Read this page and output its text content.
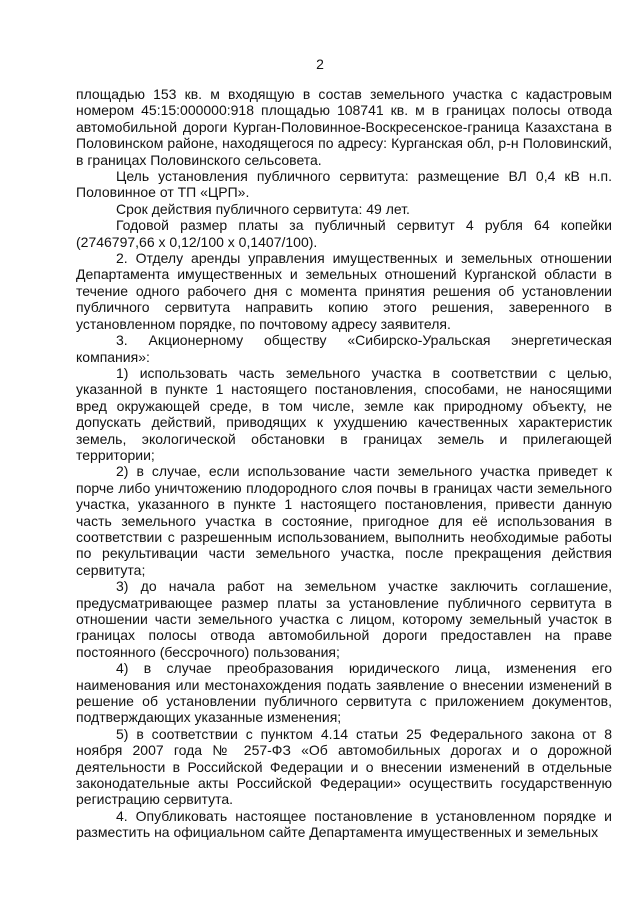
2

площадью 153 кв. м входящую в состав земельного участка с кадастровым номером 45:15:000000:918 площадью 108741 кв. м в границах полосы отвода автомобильной дороги Курган-Половинное-Воскресенское-граница Казахстана в Половинском районе, находящегося по адресу: Курганская обл, р-н Половинский, в границах Половинского сельсовета.

Цель установления публичного сервитута: размещение ВЛ 0,4 кВ н.п. Половинное от ТП «ЦРП».

Срок действия публичного сервитута: 49 лет.

Годовой размер платы за публичный сервитут 4 рубля 64 копейки (2746797,66 х 0,12/100 х 0,1407/100).

2. Отделу аренды управления имущественных и земельных отношении Департамента имущественных и земельных отношений Курганской области в течение одного рабочего дня с момента принятия решения об установлении публичного сервитута направить копию этого решения, заверенного в установленном порядке, по почтовому адресу заявителя.

3. Акционерному обществу «Сибирско-Уральская энергетическая компания»:

1) использовать часть земельного участка в соответствии с целью, указанной в пункте 1 настоящего постановления, способами, не наносящими вред окружающей среде, в том числе, земле как природному объекту, не допускать действий, приводящих к ухудшению качественных характеристик земель, экологической обстановки в границах земель и прилегающей территории;

2) в случае, если использование части земельного участка приведет к порче либо уничтожению плодородного слоя почвы в границах части земельного участка, указанного в пункте 1 настоящего постановления, привести данную часть земельного участка в состояние, пригодное для её использования в соответствии с разрешенным использованием, выполнить необходимые работы по рекультивации части земельного участка, после прекращения действия сервитута;

3) до начала работ на земельном участке заключить соглашение, предусматривающее размер платы за установление публичного сервитута в отношении части земельного участка с лицом, которому земельный участок в границах полосы отвода автомобильной дороги предоставлен на праве постоянного (бессрочного) пользования;

4) в случае преобразования юридического лица, изменения его наименования или местонахождения подать заявление о внесении изменений в решение об установлении публичного сервитута с приложением документов, подтверждающих указанные изменения;

5) в соответствии с пунктом 4.14 статьи 25 Федерального закона от 8 ноября 2007 года № 257-ФЗ «Об автомобильных дорогах и о дорожной деятельности в Российской Федерации и о внесении изменений в отдельные законодательные акты Российской Федерации» осуществить государственную регистрацию сервитута.

4. Опубликовать настоящее постановление в установленном порядке и разместить на официальном сайте Департамента имущественных и земельных
